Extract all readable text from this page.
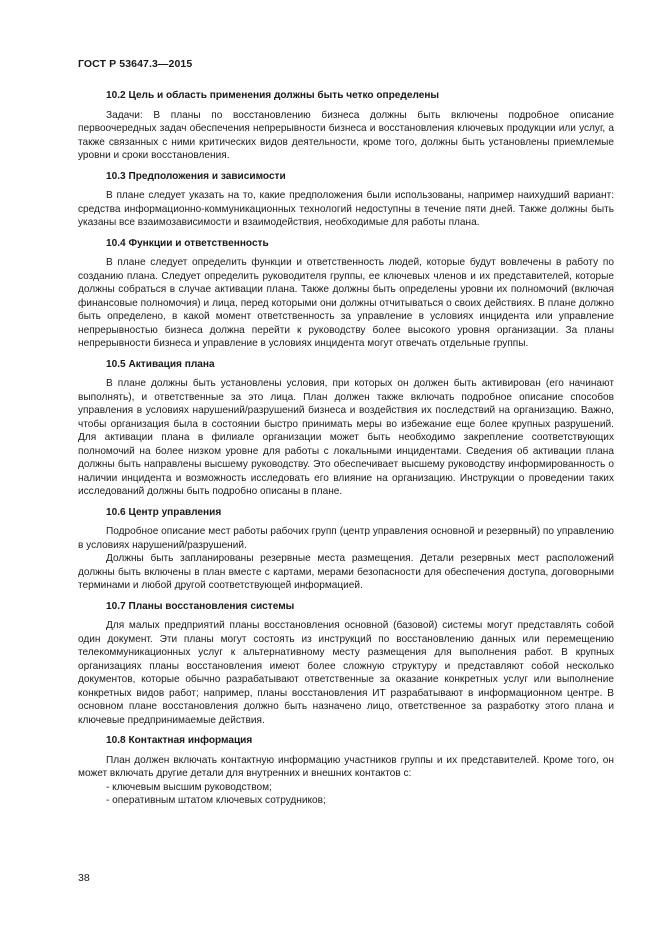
ГОСТ Р 53647.3—2015

10.2 Цель и область применения должны быть четко определены

Задачи: В планы по восстановлению бизнеса должны быть включены подробное описание первоочередных задач обеспечения непрерывности бизнеса и восстановления ключевых продукции или услуг, а также связанных с ними критических видов деятельности, кроме того, должны быть установлены приемлемые уровни и сроки восстановления.

10.3 Предположения и зависимости

В плане следует указать на то, какие предположения были использованы, например наихудший вариант: средства информационно-коммуникационных технологий недоступны в течение пяти дней. Также должны быть указаны все взаимозависимости и взаимодействия, необходимые для работы плана.

10.4 Функции и ответственность

В плане следует определить функции и ответственность людей, которые будут вовлечены в работу по созданию плана. Следует определить руководителя группы, ее ключевых членов и их представителей, которые должны собраться в случае активации плана. Также должны быть определены уровни их полномочий (включая финансовые полномочия) и лица, перед которыми они должны отчитываться о своих действиях. В плане должно быть определено, в какой момент ответственность за управление в условиях инцидента или управление непрерывностью бизнеса должна перейти к руководству более высокого уровня организации. За планы непрерывности бизнеса и управление в условиях инцидента могут отвечать отдельные группы.

10.5 Активация плана

В плане должны быть установлены условия, при которых он должен быть активирован (его начинают выполнять), и ответственные за это лица. План должен также включать подробное описание способов управления в условиях нарушений/разрушений бизнеса и воздействия их последствий на организацию. Важно, чтобы организация была в состоянии быстро принимать меры во избежание еще более крупных разрушений. Для активации плана в филиале организации может быть необходимо закрепление соответствующих полномочий на более низком уровне для работы с локальными инцидентами. Сведения об активации плана должны быть направлены высшему руководству. Это обеспечивает высшему руководству информированность о наличии инцидента и возможность исследовать его влияние на организацию. Инструкции о проведении таких исследований должны быть подробно описаны в плане.

10.6 Центр управления

Подробное описание мест работы рабочих групп (центр управления основной и резервный) по управлению в условиях нарушений/разрушений.

Должны быть запланированы резервные места размещения. Детали резервных мест расположений должны быть включены в план вместе с картами, мерами безопасности для обеспечения доступа, договорными терминами и любой другой соответствующей информацией.

10.7 Планы восстановления системы

Для малых предприятий планы восстановления основной (базовой) системы могут представлять собой один документ. Эти планы могут состоять из инструкций по восстановлению данных или перемещению телекоммуникационных услуг к альтернативному месту размещения для выполнения работ. В крупных организациях планы восстановления имеют более сложную структуру и представляют собой несколько документов, которые обычно разрабатывают ответственные за оказание конкретных услуг или выполнение конкретных видов работ; например, планы восстановления ИТ разрабатывают в информационном центре. В основном плане восстановления должно быть назначено лицо, ответственное за разработку этого плана и ключевые предпринимаемые действия.

10.8 Контактная информация

План должен включать контактную информацию участников группы и их представителей. Кроме того, он может включать другие детали для внутренних и внешних контактов с:

- ключевым высшим руководством;
- оперативным штатом ключевых сотрудников;
38
